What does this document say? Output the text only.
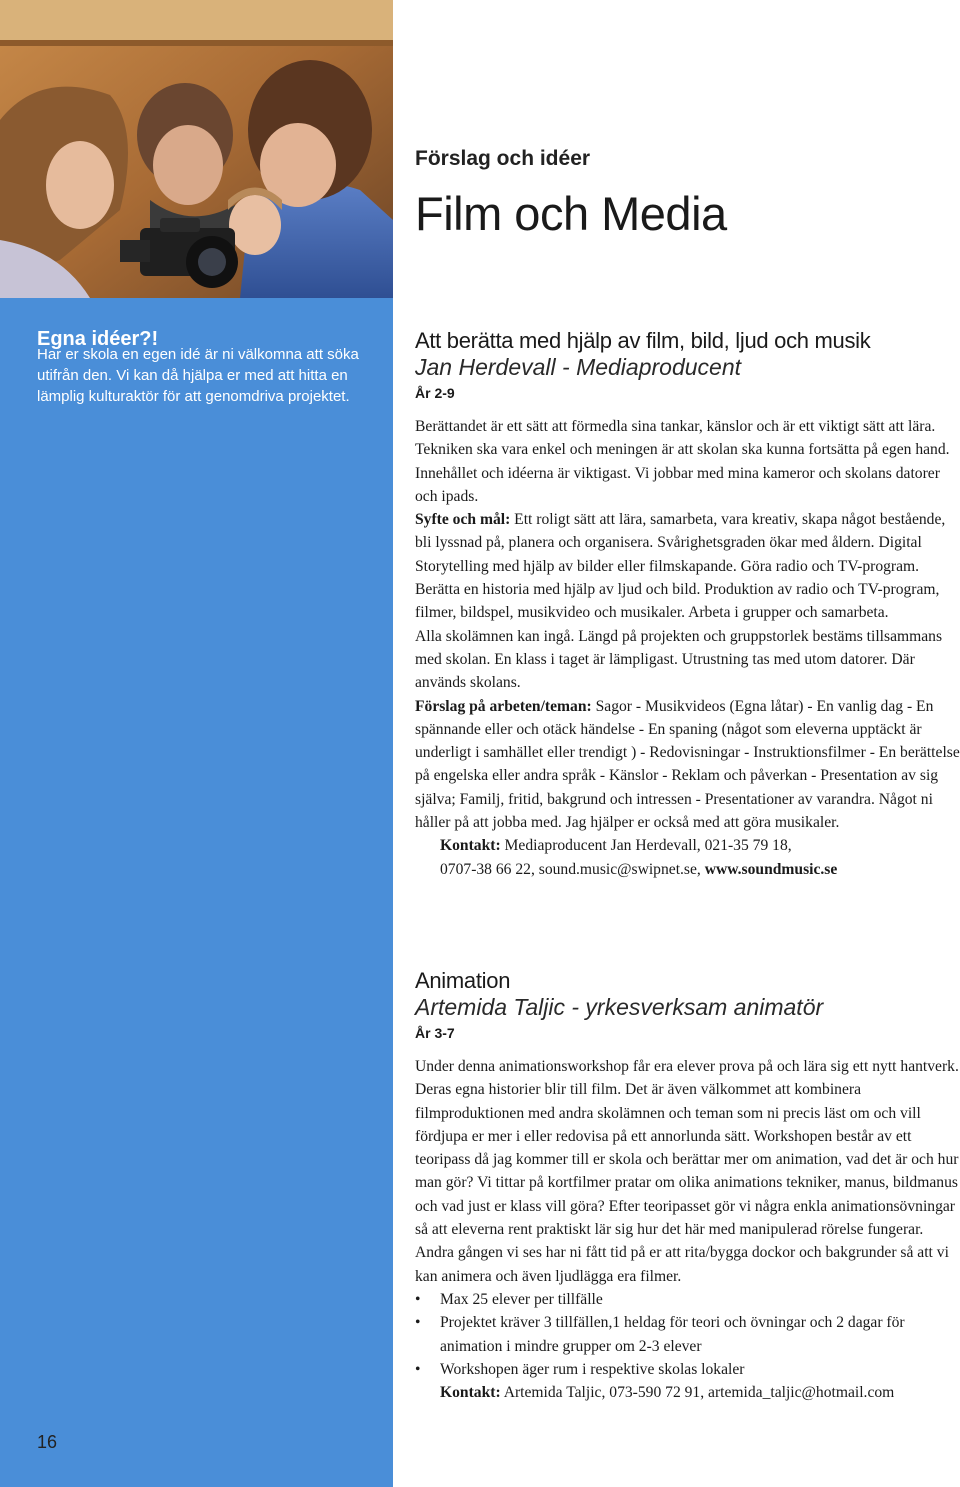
Egna idéer?!

Har er skola en egen idé är ni välkomna att söka utifrån den. Vi kan då hjälpa er med att hitta en lämplig kulturaktör för att genomdriva projektet.

16
Förslag och idéer
Film och Media
Att berätta med hjälp av film, bild, ljud och musik
Jan Herdevall - Mediaproducent

År 2-9

Berättandet är ett sätt att förmedla sina tankar, känslor och är ett viktigt sätt att lära. Tekniken ska vara enkel och meningen är att skolan ska kunna fortsätta på egen hand. Innehållet och idéerna är viktigast. Vi jobbar med mina kameror och skolans datorer och ipads.

Syfte och mål: Ett roligt sätt att lära, samarbeta, vara kreativ, skapa något bestående, bli lyssnad på, planera och organisera. Svårighetsgraden ökar med åldern. Digital Storytelling med hjälp av bilder eller filmskapande. Göra radio och TV-program. Berätta en historia med hjälp av ljud och bild. Produktion av radio och TV-program, filmer, bildspel, musikvideo och musikaler. Arbeta i grupper och samarbeta.

Alla skolämnen kan ingå. Längd på projekten och gruppstorlek bestäms tillsammans med skolan. En klass i taget är lämpligast. Utrustning tas med utom datorer. Där används skolans.

Förslag på arbeten/teman: Sagor - Musikvideos (Egna låtar) - En vanlig dag - En spännande eller och otäck händelse - En spaning (något som eleverna upptäckt är underligt i samhället eller trendigt ) - Redovisningar - Instruktionsfilmer - En berättelse på engelska eller andra språk - Känslor - Reklam och påverkan - Presentation av sig själva; Familj, fritid, bakgrund och intressen - Presentationer av varandra. Något ni håller på att jobba med. Jag hjälper er också med att göra musikaler.

Kontakt: Mediaproducent Jan Herdevall, 021-35 79 18,

0707-38 66 22, sound.music@swipnet.se, www.soundmusic.se

Animation
Artemida Taljic - yrkesverksam animatör

År 3-7

Under denna animationsworkshop får era elever prova på och lära sig ett nytt hantverk. Deras egna historier blir till film. Det är även välkommet att kombinera filmproduktionen med andra skolämnen och teman som ni precis läst om och vill fördjupa er mer i eller redovisa på ett annorlunda sätt. Workshopen består av ett teoripass då jag kommer till er skola och berättar mer om animation, vad det är och hur man gör? Vi tittar på kortfilmer pratar om olika animations tekniker, manus, bildmanus och vad just er klass vill göra? Efter teoripasset gör vi några enkla animationsövningar så att eleverna rent praktiskt lär sig hur det här med manipulerad rörelse fungerar. Andra gången vi ses har ni fått tid på er att rita/bygga dockor och bakgrunder så att vi kan animera och även ljudlägga era filmer.

• Max 25 elever per tillfälle
• Projektet kräver 3 tillfällen,1 heldag för teori och övningar och 2 dagar för animation i mindre grupper om 2-3 elever
• Workshopen äger rum i respektive skolas lokaler

Kontakt: Artemida Taljic, 073-590 72 91, artemida_taljic@hotmail.com
